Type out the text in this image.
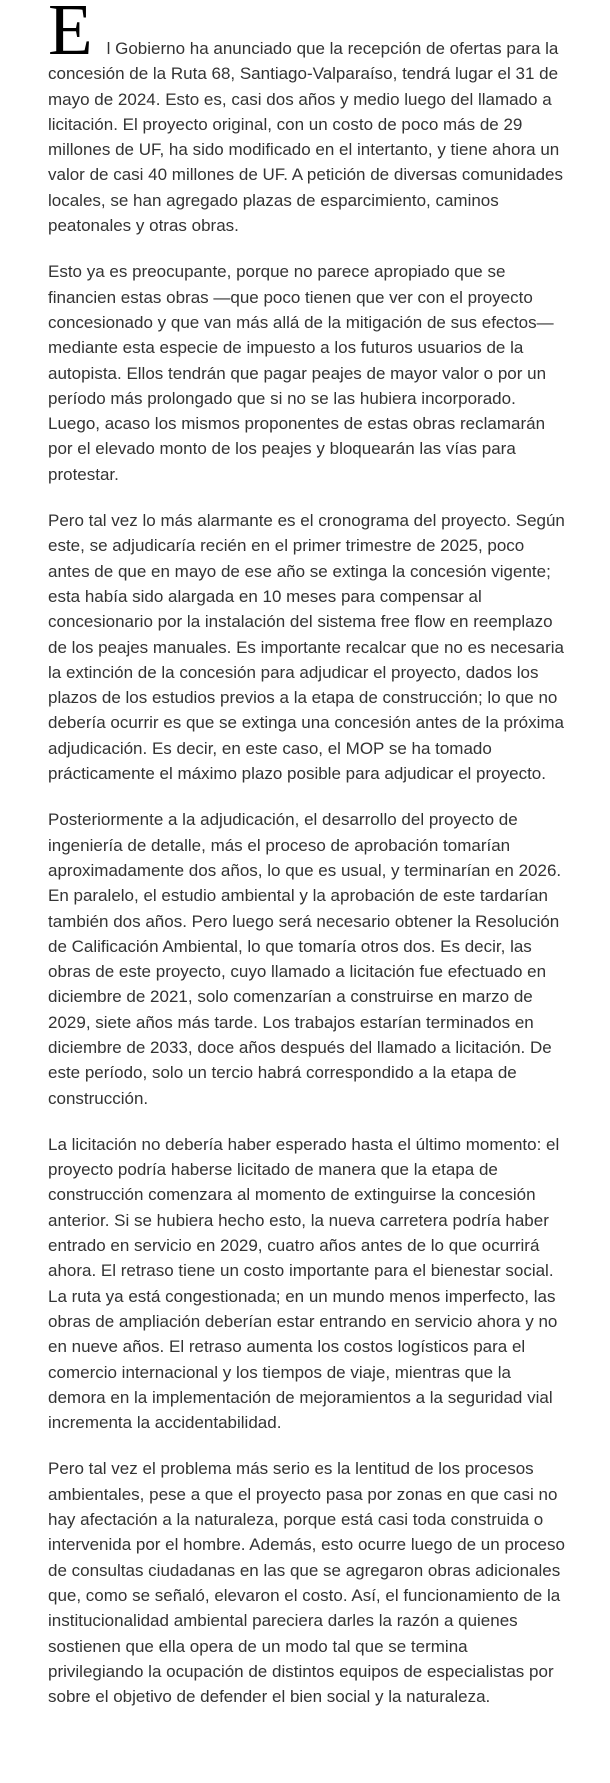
El Gobierno ha anunciado que la recepción de ofertas para la concesión de la Ruta 68, Santiago-Valparaíso, tendrá lugar el 31 de mayo de 2024. Esto es, casi dos años y medio luego del llamado a licitación. El proyecto original, con un costo de poco más de 29 millones de UF, ha sido modificado en el intertanto, y tiene ahora un valor de casi 40 millones de UF. A petición de diversas comunidades locales, se han agregado plazas de esparcimiento, caminos peatonales y otras obras.

Esto ya es preocupante, porque no parece apropiado que se financien estas obras —que poco tienen que ver con el proyecto concesionado y que van más allá de la mitigación de sus efectos— mediante esta especie de impuesto a los futuros usuarios de la autopista. Ellos tendrán que pagar peajes de mayor valor o por un período más prolongado que si no se las hubiera incorporado. Luego, acaso los mismos proponentes de estas obras reclamarán por el elevado monto de los peajes y bloquearán las vías para protestar.

Pero tal vez lo más alarmante es el cronograma del proyecto. Según este, se adjudicaría recién en el primer trimestre de 2025, poco antes de que en mayo de ese año se extinga la concesión vigente; esta había sido alargada en 10 meses para compensar al concesionario por la instalación del sistema free flow en reemplazo de los peajes manuales. Es importante recalcar que no es necesaria la extinción de la concesión para adjudicar el proyecto, dados los plazos de los estudios previos a la etapa de construcción; lo que no debería ocurrir es que se extinga una concesión antes de la próxima adjudicación. Es decir, en este caso, el MOP se ha tomado prácticamente el máximo plazo posible para adjudicar el proyecto.

Posteriormente a la adjudicación, el desarrollo del proyecto de ingeniería de detalle, más el proceso de aprobación tomarían aproximadamente dos años, lo que es usual, y terminarían en 2026. En paralelo, el estudio ambiental y la aprobación de este tardarían también dos años. Pero luego será necesario obtener la Resolución de Calificación Ambiental, lo que tomaría otros dos. Es decir, las obras de este proyecto, cuyo llamado a licitación fue efectuado en diciembre de 2021, solo comenzarían a construirse en marzo de 2029, siete años más tarde. Los trabajos estarían terminados en diciembre de 2033, doce años después del llamado a licitación. De este período, solo un tercio habrá correspondido a la etapa de construcción.

La licitación no debería haber esperado hasta el último momento: el proyecto podría haberse licitado de manera que la etapa de construcción comenzara al momento de extinguirse la concesión anterior. Si se hubiera hecho esto, la nueva carretera podría haber entrado en servicio en 2029, cuatro años antes de lo que ocurrirá ahora. El retraso tiene un costo importante para el bienestar social. La ruta ya está congestionada; en un mundo menos imperfecto, las obras de ampliación deberían estar entrando en servicio ahora y no en nueve años. El retraso aumenta los costos logísticos para el comercio internacional y los tiempos de viaje, mientras que la demora en la implementación de mejoramientos a la seguridad vial incrementa la accidentabilidad.

Pero tal vez el problema más serio es la lentitud de los procesos ambientales, pese a que el proyecto pasa por zonas en que casi no hay afectación a la naturaleza, porque está casi toda construida o intervenida por el hombre. Además, esto ocurre luego de un proceso de consultas ciudadanas en las que se agregaron obras adicionales que, como se señaló, elevaron el costo. Así, el funcionamiento de la institucionalidad ambiental pareciera darles la razón a quienes sostienen que ella opera de un modo tal que se termina privilegiando la ocupación de distintos equipos de especialistas por sobre el objetivo de defender el bien social y la naturaleza.
